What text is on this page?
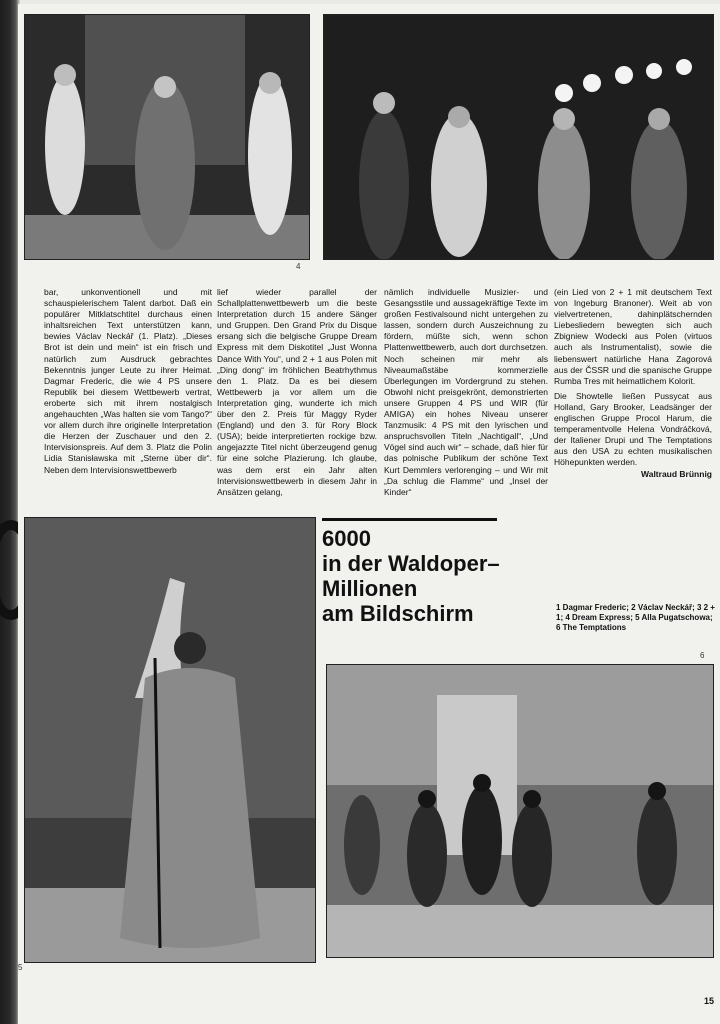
4

bar, unkonventionell und mit schauspielerischem Talent darbot. Daß ein populärer Mitklatschtitel durchaus einen inhaltsreichen Text unterstützen kann, bewies Václav Neckář (1. Platz). „Dieses Brot ist dein und mein“ ist ein frisch und natürlich zum Ausdruck gebrachtes Bekenntnis junger Leute zu ihrer Heimat. Dagmar Frederic, die wie 4 PS unsere Republik bei diesem Wettbewerb vertrat, eroberte sich mit ihrem nostalgisch angehauchten „Was halten sie vom Tango?“ vor allem durch ihre originelle Interpretation die Herzen der Zuschauer und den 2. Intervisionspreis. Auf dem 3. Platz die Polin Lidia Stanisławska mit „Sterne über dir“. Neben dem Intervisionswettbewerb

lief wieder parallel der Schallplattenwettbewerb um die beste Interpretation durch 15 andere Sänger und Gruppen. Den Grand Prix du Disque ersang sich die belgische Gruppe Dream Express mit dem Diskotitel „Just Wonna Dance With You“, und 2 + 1 aus Polen mit „Ding dong“ im fröhlichen Beatrhythmus den 1. Platz. Da es bei diesem Wettbewerb ja vor allem um die Interpretation ging, wunderte ich mich über den 2. Preis für Maggy Ryder (England) und den 3. für Rory Block (USA); beide interpretierten rockige bzw. angejazzte Titel nicht überzeugend genug für eine solche Plazierung. Ich glaube, was dem erst ein Jahr alten Intervisionswettbewerb in diesem Jahr in Ansätzen gelang,

nämlich individuelle Musizier- und Gesangsstile und aussagekräftige Texte im großen Festivalsound nicht untergehen zu lassen, sondern durch Auszeichnung zu fördern, müßte sich, wenn schon Plattenwettbewerb, auch dort durchsetzen. Noch scheinen mir mehr als Niveaumaßstäbe kommerzielle Überlegungen im Vordergrund zu stehen. Obwohl nicht preisgekrönt, demonstrierten unsere Gruppen 4 PS und WIR (für AMIGA) ein hohes Niveau unserer Tanzmusik: 4 PS mit den lyrischen und anspruchsvollen Titeln „Nachtigall“, „Und Vögel sind auch wir“ – schade, daß hier für das polnische Publikum der schöne Text Kurt Demmlers verlorenging – und Wir mit „Da schlug die Flamme“ und „Insel der Kinder“

(ein Lied von 2 + 1 mit deutschem Text von Ingeburg Branoner). Weit ab von vielvertretenen, dahinplätschernden Liebesliedern bewegten sich auch Zbigniew Wodecki aus Polen (virtuos auch als Instrumentalist), sowie die liebenswert natürliche Hana Zagorová aus der ČSSR und die spanische Gruppe Rumba Tres mit heimatlichem Kolorit.

Die Showtelle ließen Pussycat aus Holland, Gary Brooker, Leadsänger der englischen Gruppe Procol Harum, die temperamentvolle Helena Vondráčková, der Italiener Drupi und The Temptations aus den USA zu echten musikalischen Höhepunkten werden.

Waltraud Brünnig

5
6000
in der Waldoper–
Millionen
am Bildschirm	1 Dagmar Frederic; 2 Václav Neckář; 3 2 + 1; 4 Dream Express; 5 Alla Pugatschowa; 6 The Temptations
6
15
